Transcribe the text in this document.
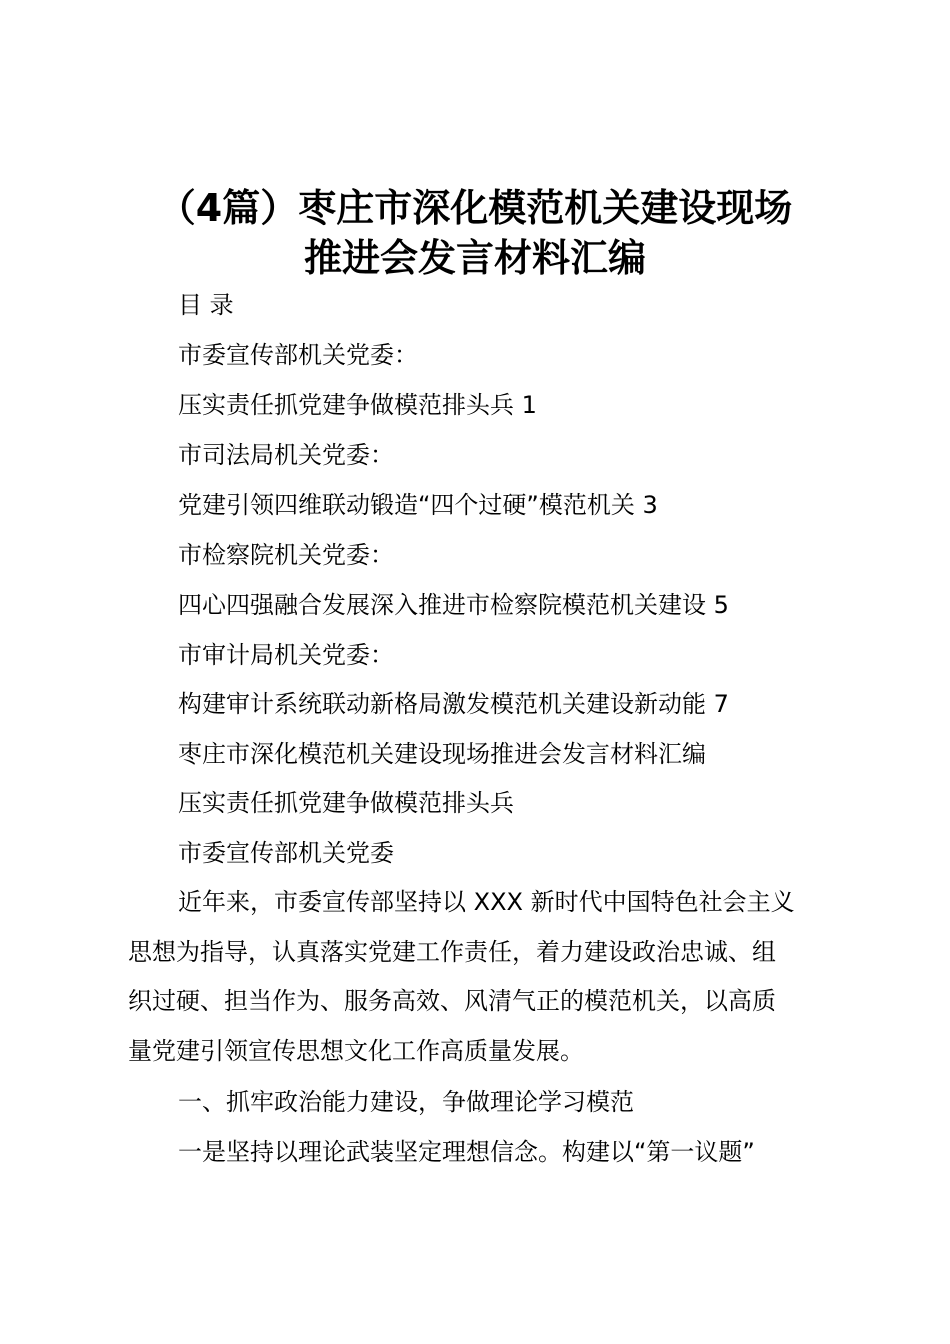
（4篇）枣庄市深化模范机关建设现场
推进会发言材料汇编
目 录
市委宣传部机关党委：
压实责任抓党建争做模范排头兵 1
市司法局机关党委：
党建引领四维联动锻造“四个过硬”模范机关 3
市检察院机关党委：
四心四强融合发展深入推进市检察院模范机关建设 5
市审计局机关党委：
构建审计系统联动新格局激发模范机关建设新动能 7
枣庄市深化模范机关建设现场推进会发言材料汇编
压实责任抓党建争做模范排头兵
市委宣传部机关党委
近年来，市委宣传部坚持以 XXX 新时代中国特色社会主义
思想为指导，认真落实党建工作责任，着力建设政治忠诚、组
织过硬、担当作为、服务高效、风清气正的模范机关，以高质
量党建引领宣传思想文化工作高质量发展。
一、抓牢政治能力建设，争做理论学习模范
一是坚持以理论武装坚定理想信念。构建以“第一议题”
